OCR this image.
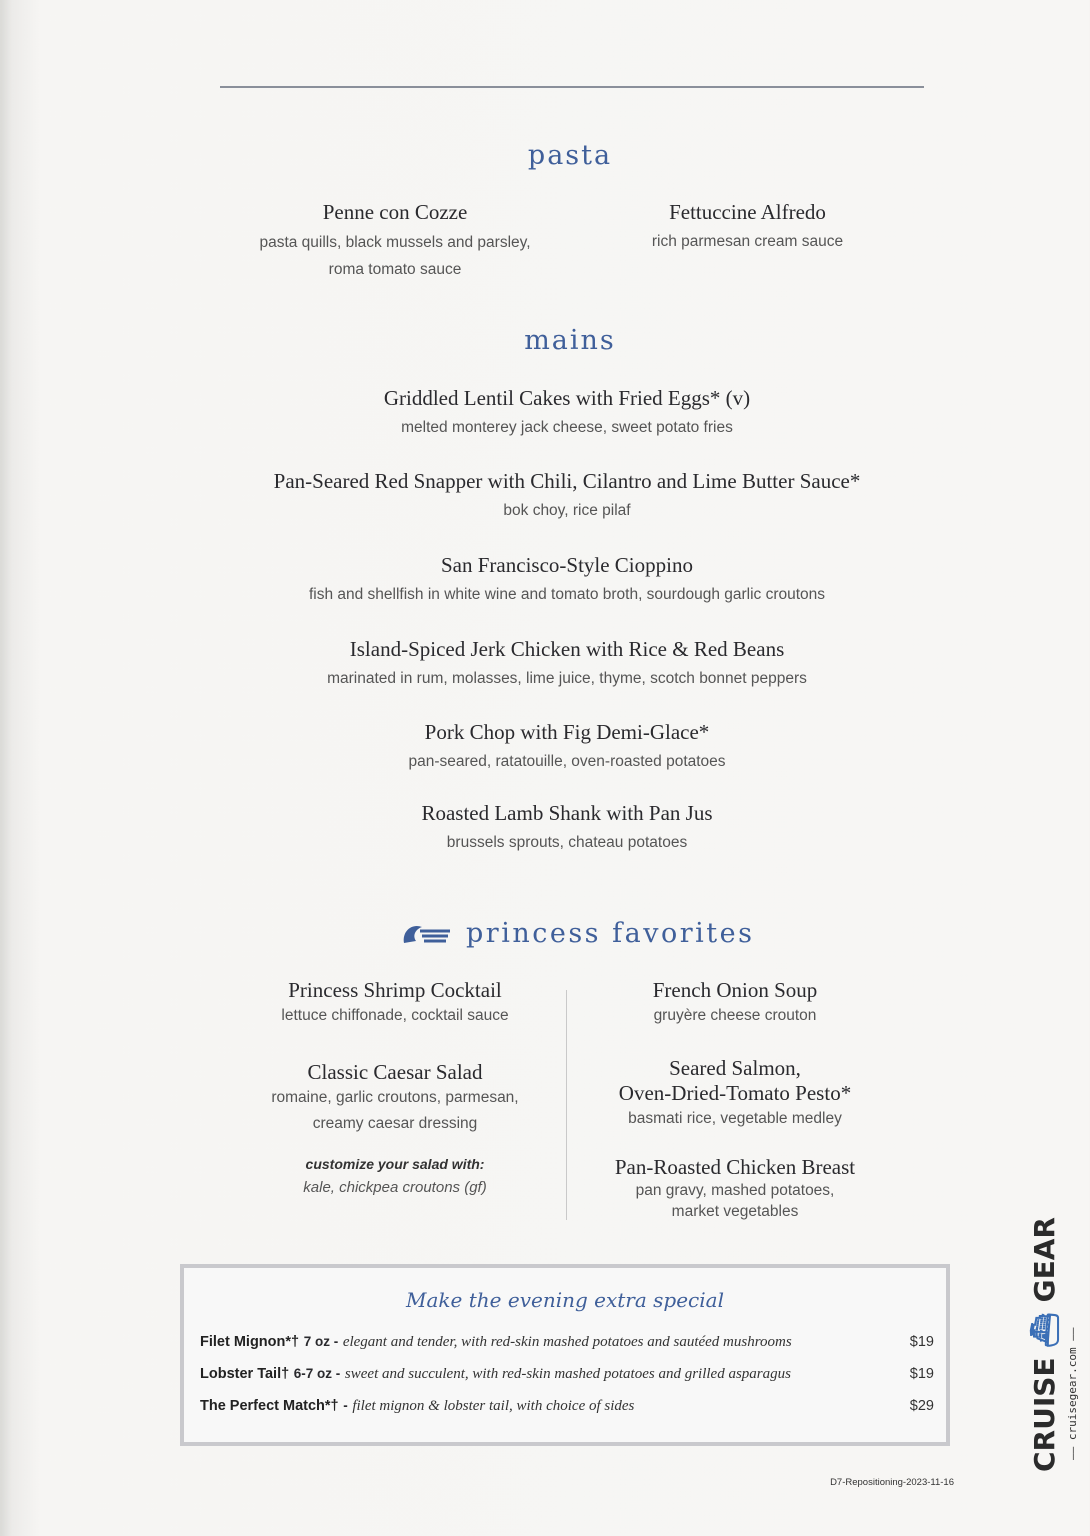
pasta
Penne con Cozze
pasta quills, black mussels and parsley,
roma tomato sauce
Fettuccine Alfredo
rich parmesan cream sauce
mains
Griddled Lentil Cakes with Fried Eggs* (v)
melted monterey jack cheese, sweet potato fries
Pan-Seared Red Snapper with Chili, Cilantro and Lime Butter Sauce*
bok choy, rice pilaf
San Francisco-Style Cioppino
fish and shellfish in white wine and tomato broth, sourdough garlic croutons
Island-Spiced Jerk Chicken with Rice & Red Beans
marinated in rum, molasses, lime juice, thyme, scotch bonnet peppers
Pork Chop with Fig Demi-Glace*
pan-seared, ratatouille, oven-roasted potatoes
Roasted Lamb Shank with Pan Jus
brussels sprouts, chateau potatoes
princess favorites
Princess Shrimp Cocktail
lettuce chiffonade, cocktail sauce
Classic Caesar Salad
romaine, garlic croutons, parmesan,
creamy caesar dressing
customize your salad with:
kale, chickpea croutons (gf)
French Onion Soup
gruyère cheese crouton
Seared Salmon,
Oven-Dried-Tomato Pesto*
basmati rice, vegetable medley
Pan-Roasted Chicken Breast
pan gravy, mashed potatoes,
market vegetables
Make the evening extra special
Filet Mignon*† 7 oz - elegant and tender, with red-skin mashed potatoes and sautéed mushrooms	$19
Lobster Tail† 6-7 oz - sweet and succulent, with red-skin mashed potatoes and grilled asparagus	$19
The Perfect Match*† - filet mignon & lobster tail, with choice of sides	$29
D7-Repositioning-2023-11-16
CRUISE ⛴ GEAR
—— cruisegear.com ——
